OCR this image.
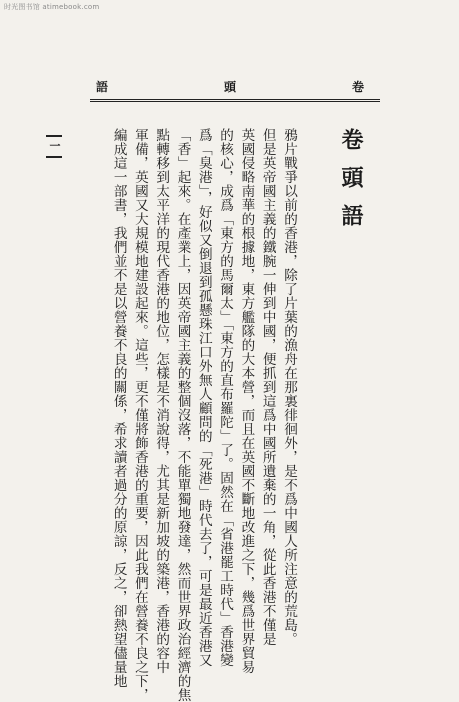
时光图书馆 atimebook.com
語	頭	卷
卷頭語
鴉片戰爭以前的香港，除了片葉的漁舟在那裏徘徊外，是不爲中國人所注意的荒島。
但是英帝國主義的鐵腕一伸到中國，便抓到這爲中國所遺棄的一角，從此香港不僅是
英國侵略南華的根據地，東方艦隊的大本營，而且在英國不斷地改進之下，幾爲世界貿易
的核心，成爲「東方的馬爾太」「東方的直布羅陀」了。固然在「省港罷工時代」香港變
爲「臭港」，好似又倒退到孤懸珠江口外無人顧問的「死港」時代去了，可是最近香港又
「香」起來。在產業上，因英帝國主義的整個沒落，不能單獨地發達，然而世界政治經濟的焦
點轉移到太平洋的現代香港的地位，怎樣是不消說得，尤其是新加坡的築港，香港的容中
軍備，英國又大規模地建設起來。這些，更不僅將飾香港的重要，因此我們在營養不良之下，
編成這一部書，我們並不是以營養不良的關係，希求讀者過分的原諒，反之，卻熱望儘量地
一
